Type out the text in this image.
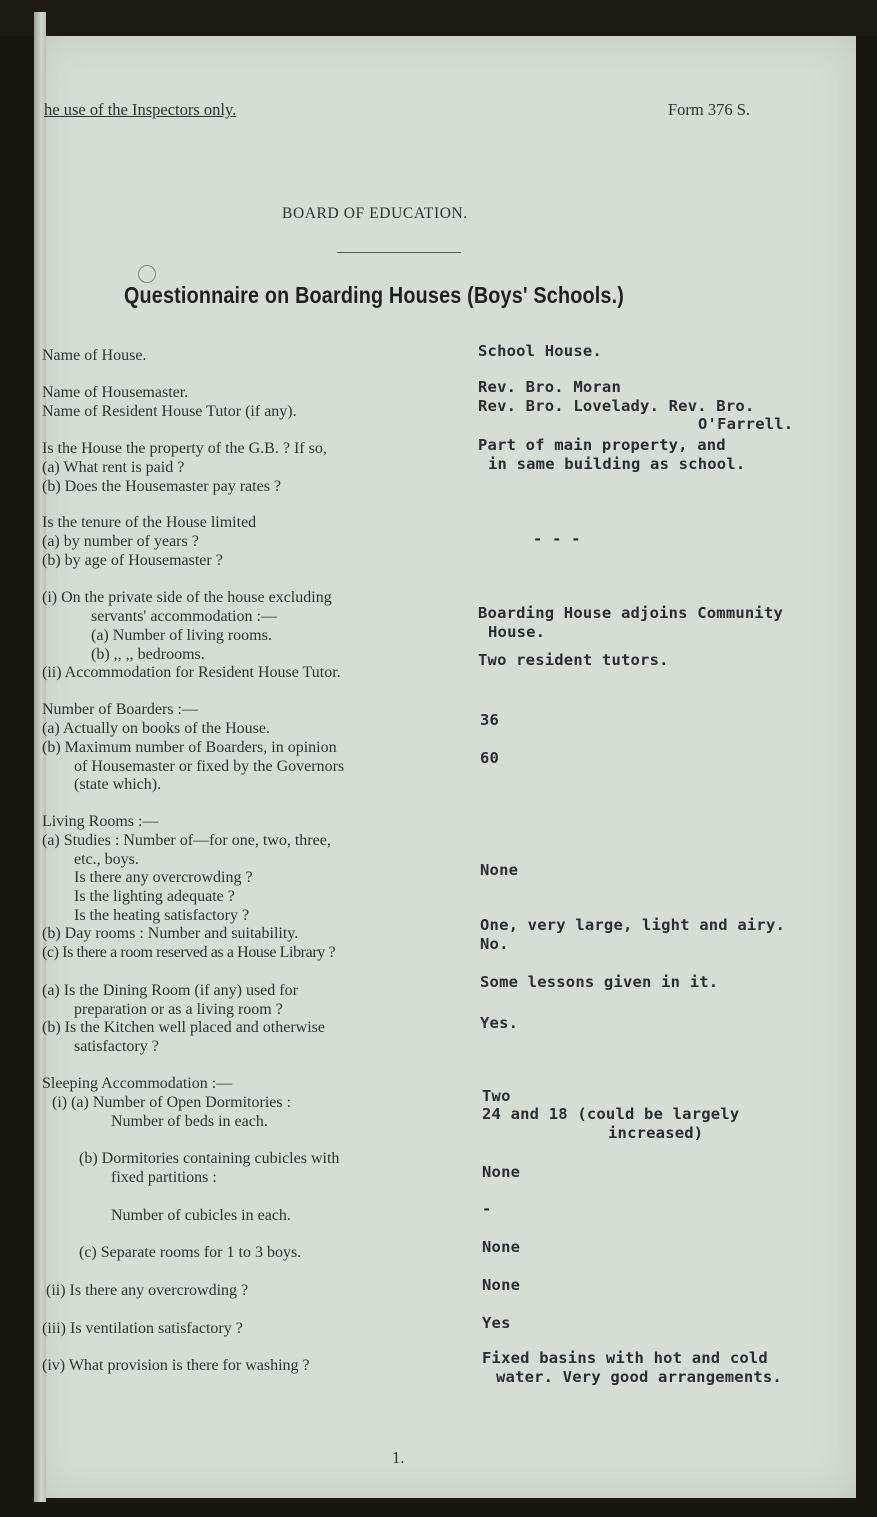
he use of the Inspectors only.	Form 376 S.
BOARD OF EDUCATION.
Questionnaire on Boarding Houses (Boys' Schools.)
Name of House.
Name of Housemaster.
Name of Resident House Tutor (if any).
Is the House the property of the G.B. ? If so,
(a) What rent is paid ?
(b) Does the Housemaster pay rates ?
Is the tenure of the House limited
(a) by number of years ?
(b) by age of Housemaster ?
(i) On the private side of the house excluding
servants' accommodation :—
(a) Number of living rooms.
(b) ,, ,, bedrooms.
(ii) Accommodation for Resident House Tutor.
Number of Boarders :—
(a) Actually on books of the House.
(b) Maximum number of Boarders, in opinion
of Housemaster or fixed by the Governors
(state which).
Living Rooms :—
(a) Studies : Number of—for one, two, three,
etc., boys.
Is there any overcrowding ?
Is the lighting adequate ?
Is the heating satisfactory ?
(b) Day rooms : Number and suitability.
(c) Is there a room reserved as a House Library ?
(a) Is the Dining Room (if any) used for
preparation or as a living room ?
(b) Is the Kitchen well placed and otherwise
satisfactory ?
Sleeping Accommodation :—
(i) (a) Number of Open Dormitories :
Number of beds in each.
(b) Dormitories containing cubicles with
fixed partitions :
Number of cubicles in each.
(c) Separate rooms for 1 to 3 boys.
(ii) Is there any overcrowding ?
(iii) Is ventilation satisfactory ?
(iv) What provision is there for washing ?
School House.
Rev. Bro. Moran
Rev. Bro. Lovelady. Rev. Bro.
O'Farrell.
Part of main property, and
in same building as school.
- - -
Boarding House adjoins Community
House.
Two resident tutors.
36
60
None
One, very large, light and airy.
No.
Some lessons given in it.
Yes.
Two
24 and 18 (could be largely
increased)
None
-
None
None
Yes
Fixed basins with hot and cold
water. Very good arrangements.
1.
